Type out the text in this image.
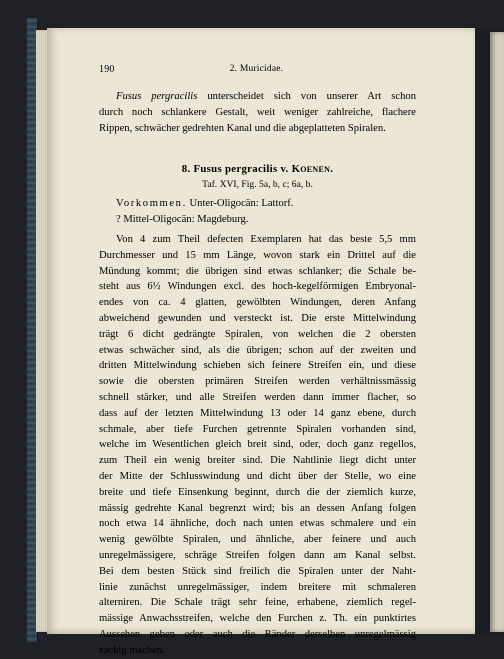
190	2. Muricidae.
Fusus pergracilis unterscheidet sich von unserer Art schon
durch noch schlankere Gestalt, weit weniger zahlreiche, flachere
Rippen, schwächer gedrehten Kanal und die abgeplatteten Spiralen.
8. Fusus pergracilis v. Koenen.
Taf. XVI, Fig. 5a, b, c; 6a, b.
Vorkommen. Unter-Oligocän: Lattorf.
? Mittel-Oligocän: Magdeburg.
Von 4 zum Theil defecten Exemplaren hat das beste 5,5 mm
Durchmesser und 15 mm Länge, wovon stark ein Drittel auf die
Mündung kommt; die übrigen sind etwas schlanker; die Schale be-
steht aus 6½ Windungen excl. des hoch-kegelförmigen Embryonal-
endes von ca. 4 glatten, gewölbten Windungen, deren Anfang
abweichend gewunden und versteckt ist. Die erste Mittelwindung
trägt 6 dicht gedrängte Spiralen, von welchen die 2 obersten
etwas schwächer sind, als die übrigen; schon auf der zweiten und
dritten Mittelwindung schieben sich feinere Streifen ein, und diese
sowie die obersten primären Streifen werden verhältnissmässig
schnell stärker, und alle Streifen werden dann immer flacher, so
dass auf der letzten Mittelwindung 13 oder 14 ganz ebene, durch
schmale, aber tiefe Furchen getrennte Spiralen vorhanden sind,
welche im Wesentlichen gleich breit sind, oder, doch ganz regellos,
zum Theil ein wenig breiter sind. Die Nahtlinie liegt dicht unter
der Mitte der Schlusswindung und dicht über der Stelle, wo eine
breite und tiefe Einsenkung beginnt, durch die der ziemlich kurze,
mässig gedrehte Kanal begrenzt wird; bis an dessen Anfang folgen
noch etwa 14 ähnliche, doch nach unten etwas schmalere und ein
wenig gewölbte Spiralen, und ähnliche, aber feinere und auch
unregelmässigere, schräge Streifen folgen dann am Kanal selbst.
Bei dem besten Stück sind freilich die Spiralen unter der Naht-
linie zunächst unregelmässiger, indem breitere mit schmaleren
alterniren. Die Schale trägt sehr feine, erhabene, ziemlich regel-
mässige Anwachsstreifen, welche den Furchen z. Th. ein punktirtes
Aussehen geben oder auch die Ränder derselben unregelmässig
zackig machen.
